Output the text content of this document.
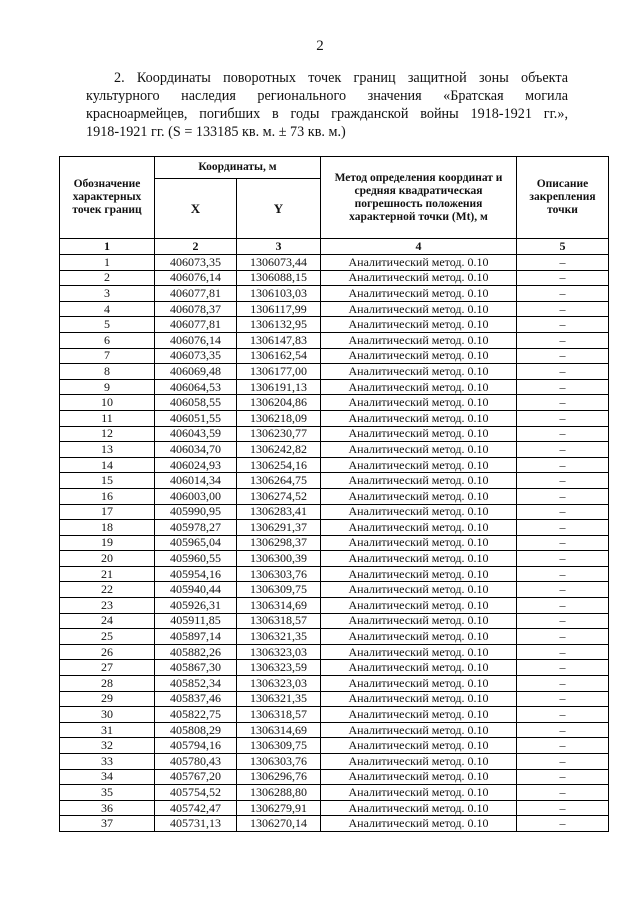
2
2. Координаты поворотных точек границ защитной зоны объекта
культурного наследия регионального значения «Братская могила
красноармейцев, погибших в годы гражданской войны 1918-1921 гг.»,
1918-1921 гг. (S = 133185 кв. м. ± 73 кв. м.)
Обозначение характерных точек границ	Координаты, м		Метод определения координат и средняя квадратическая погрешность положения характерной точки (Mt), м	Описание закрепления точки
	X	Y		
1	2	3	4	5
1	406073,35	1306073,44	Аналитический метод. 0.10	–
2	406076,14	1306088,15	Аналитический метод. 0.10	–
3	406077,81	1306103,03	Аналитический метод. 0.10	–
4	406078,37	1306117,99	Аналитический метод. 0.10	–
5	406077,81	1306132,95	Аналитический метод. 0.10	–
6	406076,14	1306147,83	Аналитический метод. 0.10	–
7	406073,35	1306162,54	Аналитический метод. 0.10	–
8	406069,48	1306177,00	Аналитический метод. 0.10	–
9	406064,53	1306191,13	Аналитический метод. 0.10	–
10	406058,55	1306204,86	Аналитический метод. 0.10	–
11	406051,55	1306218,09	Аналитический метод. 0.10	–
12	406043,59	1306230,77	Аналитический метод. 0.10	–
13	406034,70	1306242,82	Аналитический метод. 0.10	–
14	406024,93	1306254,16	Аналитический метод. 0.10	–
15	406014,34	1306264,75	Аналитический метод. 0.10	–
16	406003,00	1306274,52	Аналитический метод. 0.10	–
17	405990,95	1306283,41	Аналитический метод. 0.10	–
18	405978,27	1306291,37	Аналитический метод. 0.10	–
19	405965,04	1306298,37	Аналитический метод. 0.10	–
20	405960,55	1306300,39	Аналитический метод. 0.10	–
21	405954,16	1306303,76	Аналитический метод. 0.10	–
22	405940,44	1306309,75	Аналитический метод. 0.10	–
23	405926,31	1306314,69	Аналитический метод. 0.10	–
24	405911,85	1306318,57	Аналитический метод. 0.10	–
25	405897,14	1306321,35	Аналитический метод. 0.10	–
26	405882,26	1306323,03	Аналитический метод. 0.10	–
27	405867,30	1306323,59	Аналитический метод. 0.10	–
28	405852,34	1306323,03	Аналитический метод. 0.10	–
29	405837,46	1306321,35	Аналитический метод. 0.10	–
30	405822,75	1306318,57	Аналитический метод. 0.10	–
31	405808,29	1306314,69	Аналитический метод. 0.10	–
32	405794,16	1306309,75	Аналитический метод. 0.10	–
33	405780,43	1306303,76	Аналитический метод. 0.10	–
34	405767,20	1306296,76	Аналитический метод. 0.10	–
35	405754,52	1306288,80	Аналитический метод. 0.10	–
36	405742,47	1306279,91	Аналитический метод. 0.10	–
37	405731,13	1306270,14	Аналитический метод. 0.10	–
